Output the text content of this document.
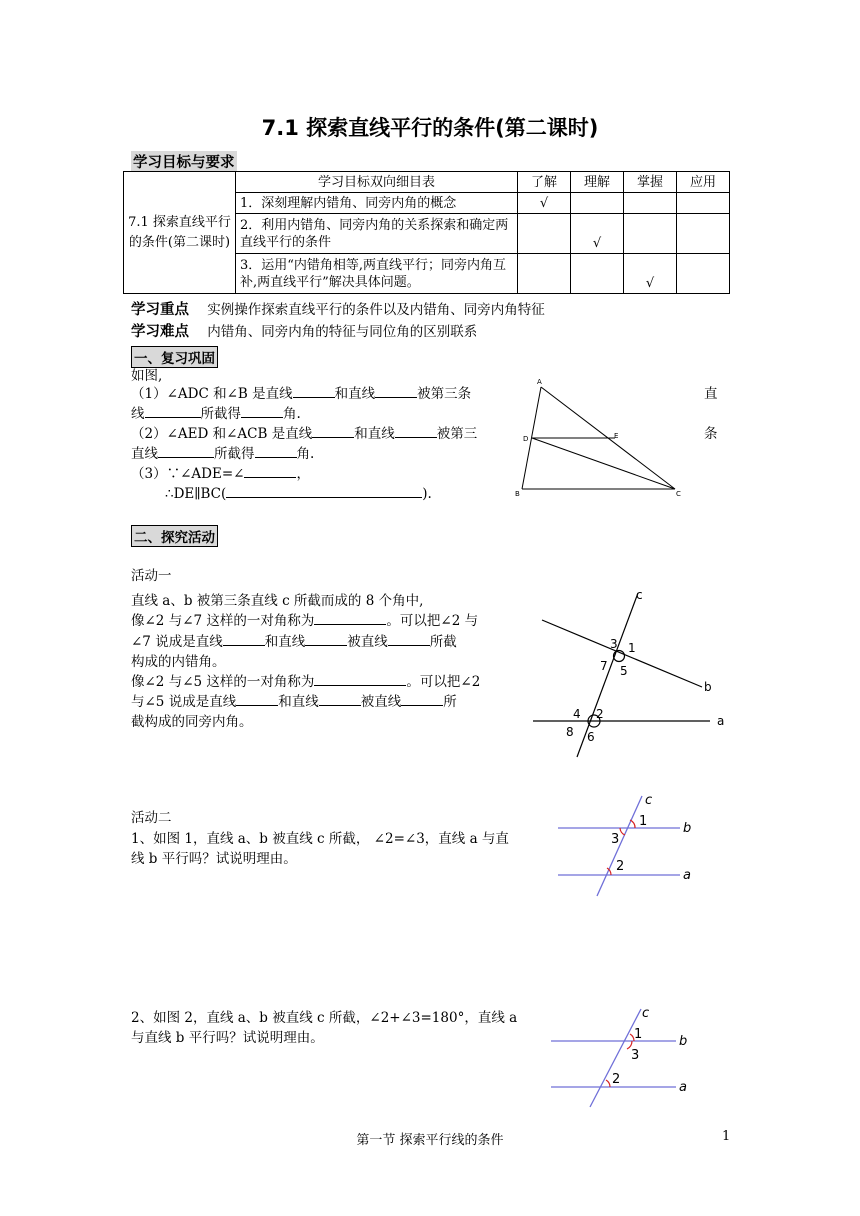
7.1 探索直线平行的条件(第二课时)
学习目标与要求
7.1 探索直线平行的条件(第二课时)	学习目标双向细目表	了解	理解	掌握	应用
	1．深刻理解内错角、同旁内角的概念	√			
	2．利用内错角、同旁内角的关系探索和确定两直线平行的条件		√		
	3．运用“内错角相等,两直线平行；同旁内角互补,两直线平行”解决具体问题。			√	
学习重点 实例操作探索直线平行的条件以及内错角、同旁内角特征
学习难点 内错角、同旁内角的特征与同位角的区别联系
一、复习巩固
如图,
（1）∠ADC 和∠B 是直线	和直线	被第三条	直
线	所截得	角.
（2）∠AED 和∠ACB 是直线	和直线	被第三	条
直线	所截得	角.
（3）∵∠ADE=∠	，
∴DE∥BC(	).
A
B	C
D	E
二、探究活动
活动一
直线 a、b 被第三条直线 c 所截而成的 8 个角中,
像∠2 与∠7 这样的一对角称为	。可以把∠2 与
∠7 说成是直线	和直线	被直线	所截
构成的内错角。
像∠2 与∠5 这样的一对角称为	。可以把∠2
与∠5 说成是直线	和直线	被直线	所
截构成的同旁内角。
c
b
a
1
3
7 5
4 2
8 6
活动二
1、如图 1，直线 a、b 被直线 c 所截， ∠2=∠3，直线 a 与直
线 b 平行吗？试说明理由。
c
b
a
1
3
2
2、如图 2，直线 a、b 被直线 c 所截，∠2+∠3=180°，直线 a
与直线 b 平行吗？试说明理由。
c
b
a
1
3
2
第一节 探索平行线的条件	1
